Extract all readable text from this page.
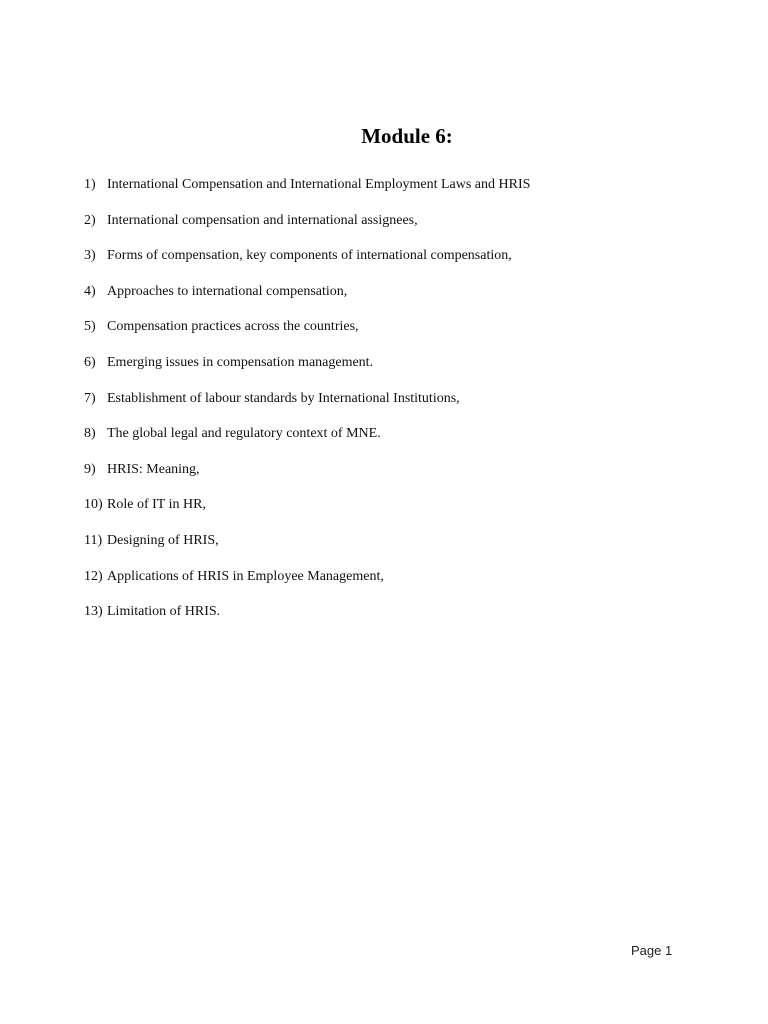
Module 6:
1) International Compensation and International Employment Laws and HRIS
2) International compensation and international assignees,
3) Forms of compensation, key components of international compensation,
4) Approaches to international compensation,
5) Compensation practices across the countries,
6) Emerging issues in compensation management.
7) Establishment of labour standards by International Institutions,
8) The global legal and regulatory context of MNE.
9) HRIS: Meaning,
10) Role of IT in HR,
11) Designing of HRIS,
12) Applications of HRIS in Employee Management,
13) Limitation of HRIS.
Page 1
